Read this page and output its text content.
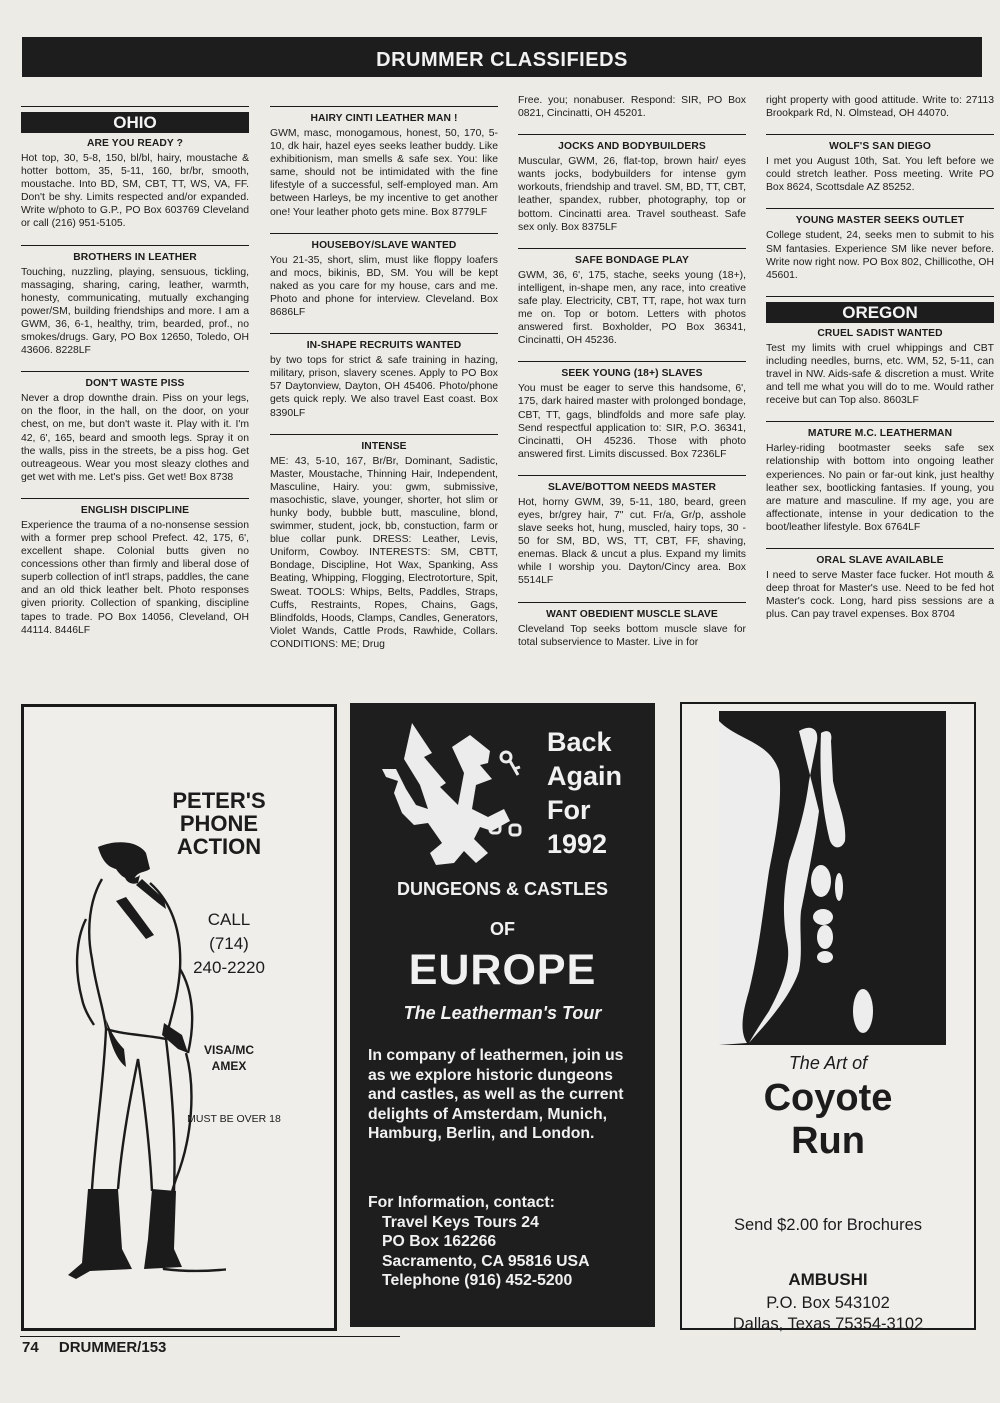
DRUMMER CLASSIFIEDS
OHIO
ARE YOU READY ?
Hot top, 30, 5-8, 150, bl/bl, hairy, moustache & hotter bottom, 35, 5-11, 160, br/br, smooth, moustache. Into BD, SM, CBT, TT, WS, VA, FF. Don't be shy. Limits respected and/or expanded. Write w/photo to G.P., PO Box 603769 Cleveland or call (216) 951-5105.
BROTHERS IN LEATHER
Touching, nuzzling, playing, sensuous, tickling, massaging, sharing, caring, leather, warmth, honesty, communicating, mutually exchanging power/SM, building friendships and more. I am a GWM, 36, 6-1, healthy, trim, bearded, prof., no smokes/drugs. Gary, PO Box 12650, Toledo, OH 43606. 8228LF
DON'T WASTE PISS
Never a drop downthe drain. Piss on your legs, on the floor, in the hall, on the door, on your chest, on me, but don't waste it. Play with it. I'm 42, 6', 165, beard and smooth legs. Spray it on the walls, piss in the streets, be a piss hog. Get outreageous. Wear you most sleazy clothes and get wet with me. Let's piss. Get wet! Box 8738
ENGLISH DISCIPLINE
Experience the trauma of a no-nonsense session with a former prep school Prefect. 42, 175, 6', excellent shape. Colonial butts given no concessions other than firmly and liberal dose of superb collection of int'l straps, paddles, the cane and an old thick leather belt. Photo responses given priority. Collection of spanking, discipline tapes to trade. PO Box 14056, Cleveland, OH 44114. 8446LF
HAIRY CINTI LEATHER MAN !
GWM, masc, monogamous, honest, 50, 170, 5-10, dk hair, hazel eyes seeks leather buddy. Like exhibitionism, man smells & safe sex. You: like same, should not be intimidated with the fine lifestyle of a successful, self-employed man. Am between Harleys, be my incentive to get another one! Your leather photo gets mine. Box 8779LF
HOUSEBOY/SLAVE WANTED
You 21-35, short, slim, must like floppy loafers and mocs, bikinis, BD, SM. You will be kept naked as you care for my house, cars and me. Photo and phone for interview. Cleveland. Box 8686LF
IN-SHAPE RECRUITS WANTED
by two tops for strict & safe training in hazing, military, prison, slavery scenes. Apply to PO Box 57 Daytonview, Dayton, OH 45406. Photo/phone gets quick reply. We also travel East coast. Box 8390LF
INTENSE
ME: 43, 5-10, 167, Br/Br, Dominant, Sadistic, Master, Moustache, Thinning Hair, Independent, Masculine, Hairy. you: gwm, submissive, masochistic, slave, younger, shorter, hot slim or hunky body, bubble butt, masculine, blond, swimmer, student, jock, bb, constuction, farm or blue collar punk. DRESS: Leather, Levis, Uniform, Cowboy. INTERESTS: SM, CBTT, Bondage, Discipline, Hot Wax, Spanking, Ass Beating, Whipping, Flogging, Electrotorture, Spit, Sweat. TOOLS: Whips, Belts, Paddles, Straps, Cuffs, Restraints, Ropes, Chains, Gags, Blindfolds, Hoods, Clamps, Candles, Generators, Violet Wands, Cattle Prods, Rawhide, Collars. CONDITIONS: ME; Drug
Free. you; nonabuser. Respond: SIR, PO Box 0821, Cincinatti, OH 45201.
JOCKS AND BODYBUILDERS
Muscular, GWM, 26, flat-top, brown hair/ eyes wants jocks, bodybuilders for intense gym workouts, friendship and travel. SM, BD, TT, CBT, leather, spandex, rubber, photography, top or bottom. Cincinatti area. Travel southeast. Safe sex only. Box 8375LF
SAFE BONDAGE PLAY
GWM, 36, 6', 175, stache, seeks young (18+), intelligent, in-shape men, any race, into creative safe play. Electricity, CBT, TT, rape, hot wax turn me on. Top or botom. Letters with photos answered first. Boxholder, PO Box 36341, Cincinatti, OH 45236.
SEEK YOUNG (18+) SLAVES
You must be eager to serve this handsome, 6', 175, dark haired master with prolonged bondage, CBT, TT, gags, blindfolds and more safe play. Send respectful application to: SIR, P.O. 36341, Cincinatti, OH 45236. Those with photo answered first. Limits discussed. Box 7236LF
SLAVE/BOTTOM NEEDS MASTER
Hot, horny GWM, 39, 5-11, 180, beard, green eyes, br/grey hair, 7" cut. Fr/a, Gr/p, asshole slave seeks hot, hung, muscled, hairy tops, 30 - 50 for SM, BD, WS, TT, CBT, FF, shaving, enemas. Black & uncut a plus. Expand my limits while I worship you. Dayton/Cincy area. Box 5514LF
WANT OBEDIENT MUSCLE SLAVE
Cleveland Top seeks bottom muscle slave for total subservience to Master. Live in for
right property with good attitude. Write to: 27113 Brookpark Rd, N. Olmstead, OH 44070.
WOLF'S SAN DIEGO
I met you August 10th, Sat. You left before we could stretch leather. Poss meeting. Write PO Box 8624, Scottsdale AZ 85252.
YOUNG MASTER SEEKS OUTLET
College student, 24, seeks men to submit to his SM fantasies. Experience SM like never before. Write now right now. PO Box 802, Chillicothe, OH 45601.
OREGON
CRUEL SADIST WANTED
Test my limits with cruel whippings and CBT including needles, burns, etc. WM, 52, 5-11, can travel in NW. Aids-safe & discretion a must. Write and tell me what you will do to me. Would rather receive but can Top also. 8603LF
MATURE M.C. LEATHERMAN
Harley-riding bootmaster seeks safe sex relationship with bottom into ongoing leather experiences. No pain or far-out kink, just healthy leather sex, bootlicking fantasies. If young, you are mature and masculine. If my age, you are affectionate, intense in your dedication to the boot/leather lifestyle. Box 6764LF
ORAL SLAVE AVAILABLE
I need to serve Master face fucker. Hot mouth & deep throat for Master's use. Need to be fed hot Master's cock. Long, hard piss sessions are a plus. Can pay travel expenses. Box 8704
PETER'S
PHONE
ACTION
CALL
(714)
240-2220
VISA/MC
AMEX
MUST BE OVER 18
Back
Again
For
1992
DUNGEONS & CASTLES
OF
EUROPE
The Leatherman's Tour
In company of leathermen, join us as we explore historic dungeons and castles, as well as the current delights of Amsterdam, Munich, Hamburg, Berlin, and London.
For Information, contact:
Travel Keys Tours 24
PO Box 162266
Sacramento, CA 95816 USA
Telephone (916) 452-5200
The Art of
Coyote
Run
Send $2.00 for Brochures
AMBUSHI
P.O. Box 543102
Dallas, Texas 75354-3102
74 DRUMMER/153
